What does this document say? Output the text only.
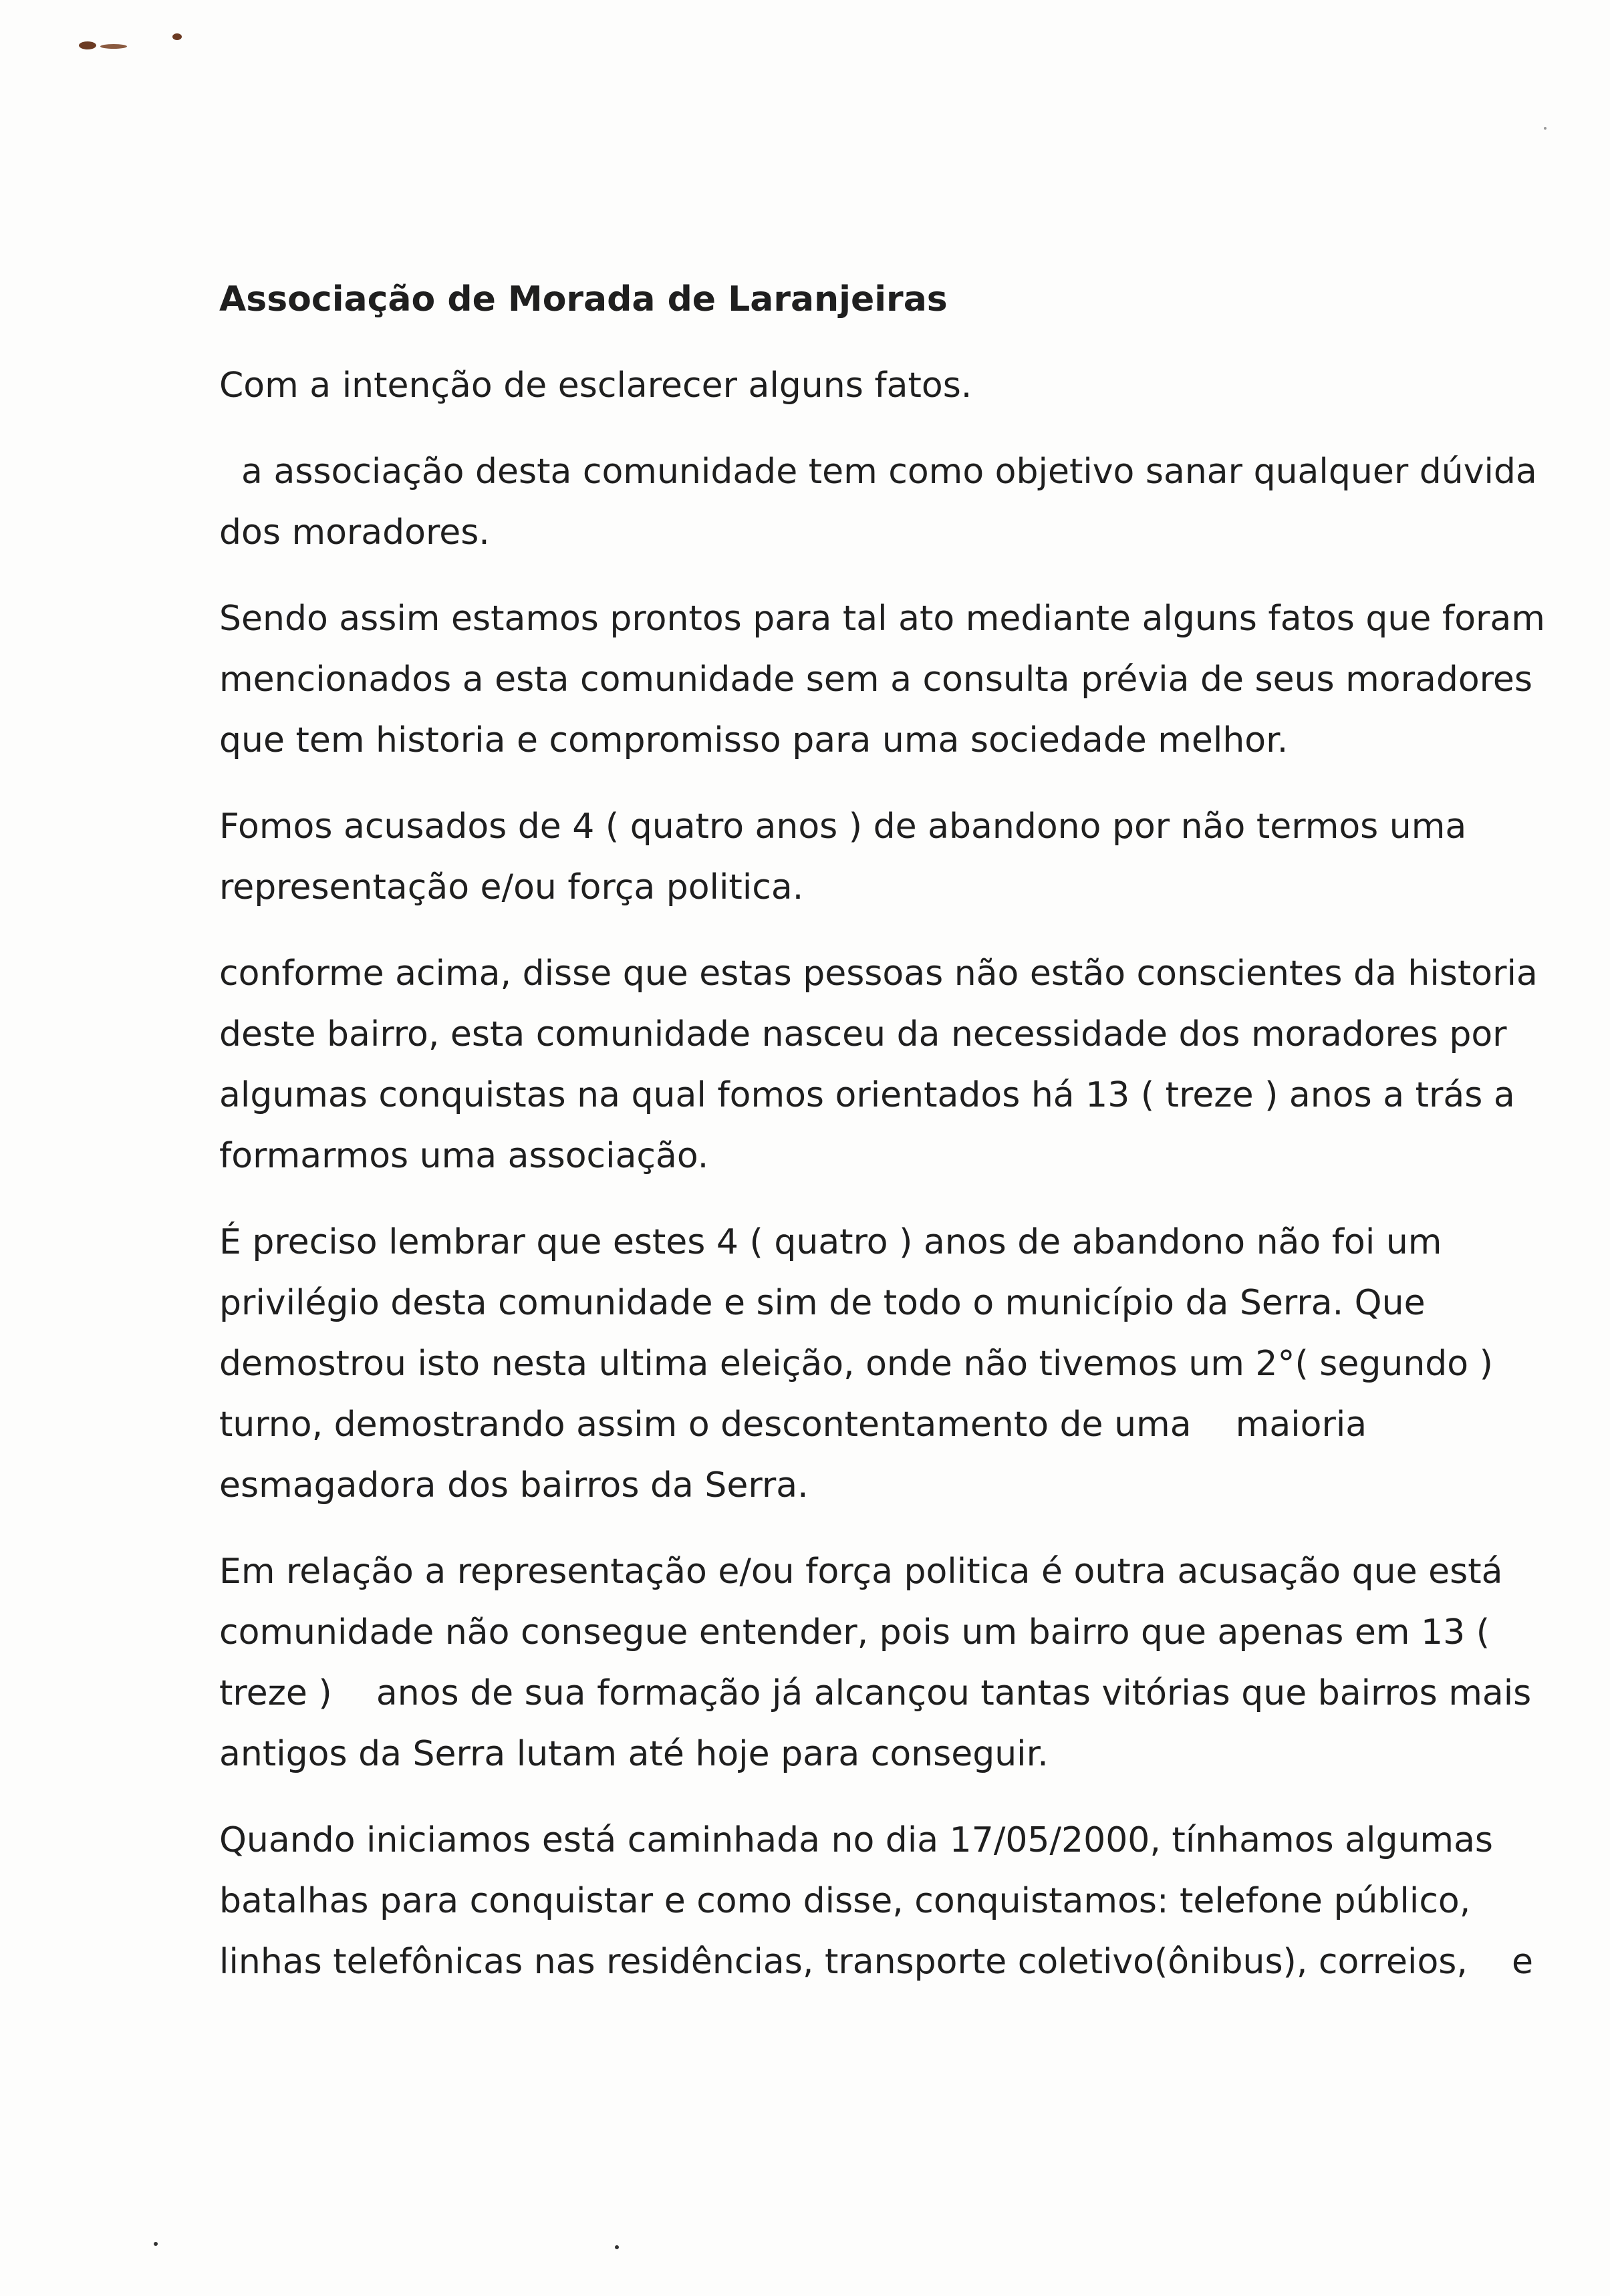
Associação de Morada de Laranjeiras
Com a intenção de esclarecer alguns fatos.
a associação desta comunidade tem como objetivo sanar qualquer dúvida
dos moradores.
Sendo assim estamos prontos para tal ato mediante alguns fatos que foram
mencionados a esta comunidade sem a consulta prévia de seus moradores
que tem historia e compromisso para uma sociedade melhor.
Fomos acusados de 4 ( quatro anos ) de abandono por não termos uma
representação e/ou força politica.
conforme acima, disse que estas pessoas não estão conscientes da historia
deste bairro, esta comunidade nasceu da necessidade dos moradores por
algumas conquistas na qual fomos orientados há 13 ( treze ) anos a trás a
formarmos uma associação.
É preciso lembrar que estes 4 ( quatro ) anos de abandono não foi um
privilégio desta comunidade e sim de todo o município da Serra. Que
demostrou isto nesta ultima eleição, onde não tivemos um 2°( segundo )
turno, demostrando assim o descontentamento de uma    maioria
esmagadora dos bairros da Serra.
Em relação a representação e/ou força politica é outra acusação que está
comunidade não consegue entender, pois um bairro que apenas em 13 (
treze )    anos de sua formação já alcançou tantas vitórias que bairros mais
antigos da Serra lutam até hoje para conseguir.
Quando iniciamos está caminhada no dia 17/05/2000, tínhamos algumas
batalhas para conquistar e como disse, conquistamos: telefone público,
linhas telefônicas nas residências, transporte coletivo(ônibus), correios,    e
